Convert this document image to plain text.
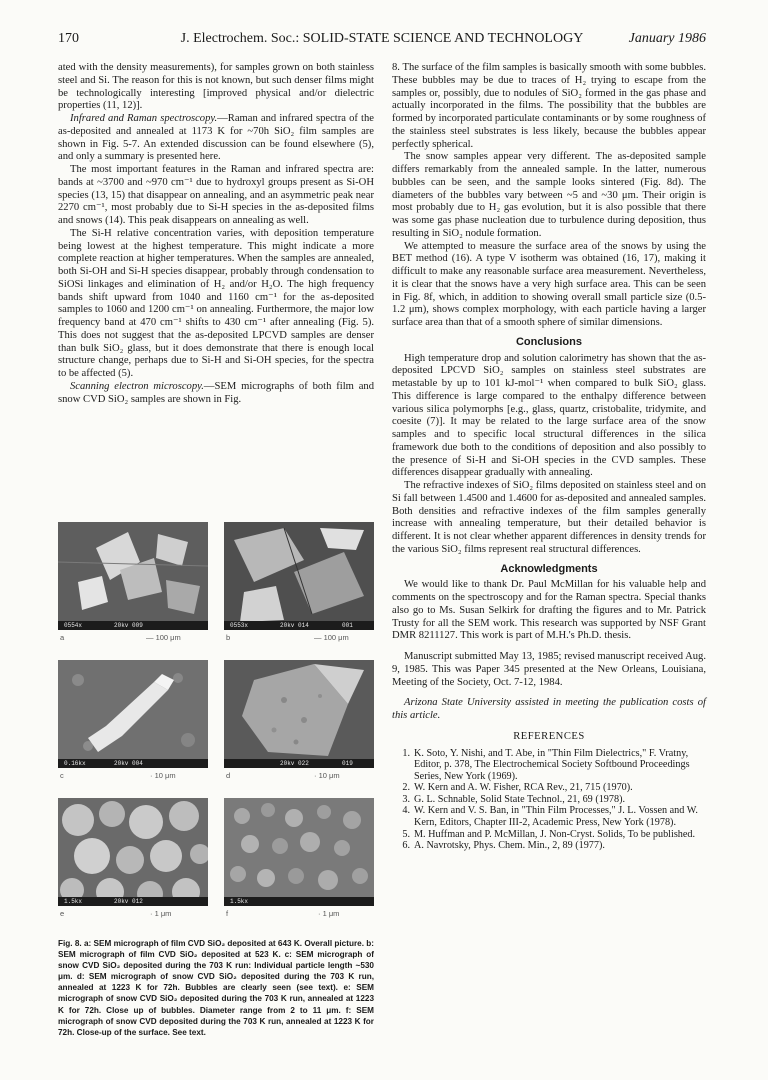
170	J. Electrochem. Soc.: SOLID-STATE SCIENCE AND TECHNOLOGY	January 1986

ated with the density measurements), for samples grown on both stainless steel and Si. The reason for this is not known, but such denser films might be technologically interesting [improved physical and/or dielectric properties (11, 12)].

Infrared and Raman spectroscopy.—Raman and infrared spectra of the as-deposited and annealed at 1173 K for ~70h SiO₂ film samples are shown in Fig. 5-7. An extended discussion can be found elsewhere (5), and only a summary is presented here.

The most important features in the Raman and infrared spectra are: bands at ~3700 and ~970 cm⁻¹ due to hydroxyl groups present as Si-OH species (13, 15) that disappear on annealing, and an asymmetric peak near 2270 cm⁻¹, most probably due to Si-H species in the as-deposited films and snows (14). This peak disappears on annealing as well.

The Si-H relative concentration varies, with deposition temperature being lowest at the highest temperature. This might indicate a more complete reaction at higher temperatures. When the samples are annealed, both Si-OH and Si-H species disappear, probably through condensation to SiOSi linkages and elimination of H₂ and/or H₂O. The high frequency bands shift upward from 1040 and 1160 cm⁻¹ for the as-deposited samples to 1060 and 1200 cm⁻¹ on annealing. Furthermore, the major low frequency band at 470 cm⁻¹ shifts to 430 cm⁻¹ after annealing (Fig. 5). This does not suggest that the as-deposited LPCVD samples are denser than bulk SiO₂ glass, but it does demonstrate that there is enough local structure change, perhaps due to Si-H and Si-OH species, for the spectra to be affected (5).

Scanning electron microscopy.—SEM micrographs of both film and snow CVD SiO₂ samples are shown in Fig.

0554x	20kv 009
a	— 100 μm
0553x	20kv 014	001
b	— 100 μm
0.16kx	20kv 004
c	· 10 μm
20kv 022	019
d	· 10 μm
1.5kx	20kv 012
e	· 1 μm
1.5kx
f	· 1 μm
Fig. 8. a: SEM micrograph of film CVD SiO₂ deposited at 643 K. Overall picture. b: SEM micrograph of film CVD SiO₂ deposited at 523 K. c: SEM micrograph of snow CVD SiO₂ deposited during the 703 K run: Individual particle length ~530 μm. d: SEM micrograph of snow CVD SiO₂ deposited during the 703 K run, annealed at 1223 K for 72h. Bubbles are clearly seen (see text). e: SEM micrograph of snow CVD SiO₂ deposited during the 703 K run, annealed at 1223 K for 72h. Close up of bubbles. Diameter range from 2 to 11 μm. f: SEM micrograph of snow CVD deposited during the 703 K run, annealed at 1223 K for 72h. Close-up of the surface. See text.

8. The surface of the film samples is basically smooth with some bubbles. These bubbles may be due to traces of H₂ trying to escape from the samples or, possibly, due to nodules of SiO₂ formed in the gas phase and actually incorporated in the films. The possibility that the bubbles are formed by incorporated particulate contaminants or by some roughness of the stainless steel substrates is less likely, because the bubbles appear perfectly spherical.

The snow samples appear very different. The as-deposited sample differs remarkably from the annealed sample. In the latter, numerous bubbles can be seen, and the sample looks sintered (Fig. 8d). The diameters of the bubbles vary between ~5 and ~30 μm. Their origin is most probably due to H₂ gas evolution, but it is also possible that there was some gas phase nucleation due to turbulence during deposition, thus resulting in SiO₂ nodule formation.

We attempted to measure the surface area of the snows by using the BET method (16). A type V isotherm was obtained (16, 17), making it difficult to make any reasonable surface area measurement. Nevertheless, it is clear that the snows have a very high surface area. This can be seen in Fig. 8f, which, in addition to showing overall small particle size (0.5-1.2 μm), shows complex morphology, with each particle having a larger surface area than that of a smooth sphere of similar dimensions.

Conclusions

High temperature drop and solution calorimetry has shown that the as-deposited LPCVD SiO₂ samples on stainless steel substrates are metastable by up to 101 kJ-mol⁻¹ when compared to bulk SiO₂ glass. This difference is large compared to the enthalpy difference between various silica polymorphs [e.g., glass, quartz, cristobalite, tridymite, and coesite (7)]. It may be related to the large surface area of the snow samples and to specific local structural differences in the silica framework due both to the conditions of deposition and also possibly to the presence of Si-H and Si-OH species in the CVD samples. These differences disappear gradually with annealing.

The refractive indexes of SiO₂ films deposited on stainless steel and on Si fall between 1.4500 and 1.4600 for as-deposited and annealed samples. Both densities and refractive indexes of the film samples generally increase with annealing temperature, but their detailed behavior is different. It is not clear whether apparent differences in density trends for the various SiO₂ films represent real structural differences.

Acknowledgments

We would like to thank Dr. Paul McMillan for his valuable help and comments on the spectroscopy and for the Raman spectra. Special thanks also go to Ms. Susan Selkirk for drafting the figures and to Mr. Patrick Trusty for all the SEM work. This research was supported by NSF Grant DMR 8211127. This work is part of M.H.'s Ph.D. thesis.

Manuscript submitted May 13, 1985; revised manuscript received Aug. 9, 1985. This was Paper 345 presented at the New Orleans, Louisiana, Meeting of the Society, Oct. 7-12, 1984.

Arizona State University assisted in meeting the publication costs of this article.

REFERENCES
1. K. Soto, Y. Nishi, and T. Abe, in "Thin Film Dielectrics," F. Vratny, Editor, p. 378, The Electrochemical Society Softbound Proceedings Series, New York (1969).
2. W. Kern and A. W. Fisher, RCA Rev., 21, 715 (1970).
3. G. L. Schnable, Solid State Technol., 21, 69 (1978).
4. W. Kern and V. S. Ban, in "Thin Film Processes," J. L. Vossen and W. Kern, Editors, Chapter III-2, Academic Press, New York (1978).
5. M. Huffman and P. McMillan, J. Non-Cryst. Solids, To be published.
6. A. Navrotsky, Phys. Chem. Min., 2, 89 (1977).
